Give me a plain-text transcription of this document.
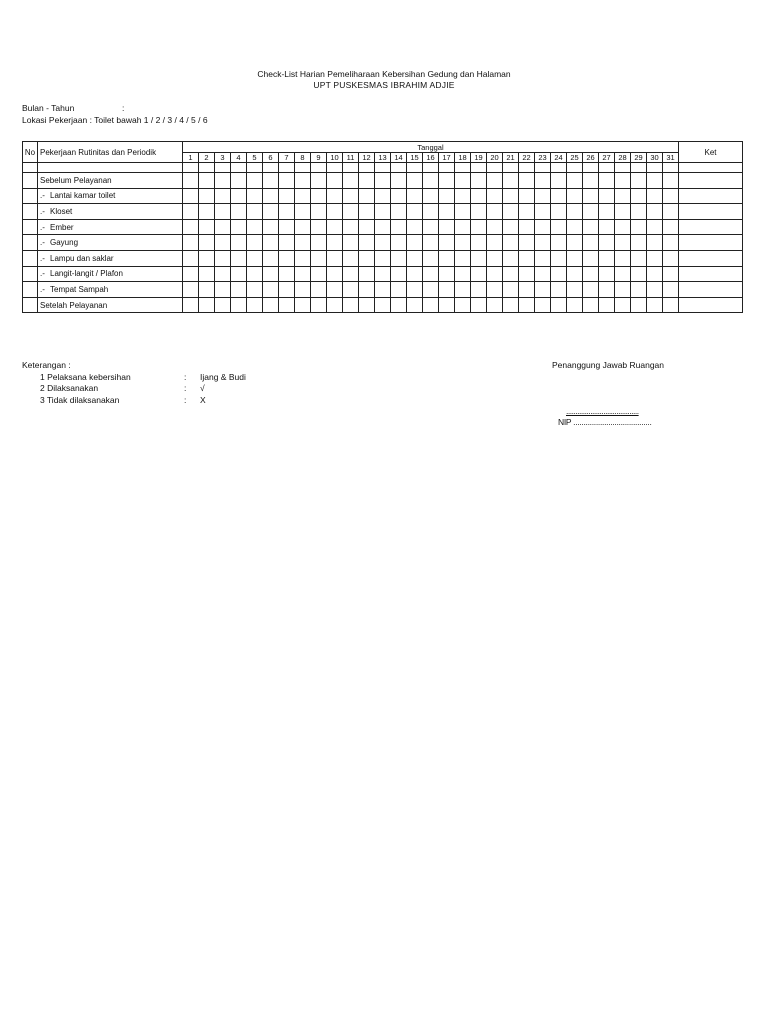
Check-List Harian Pemeliharaan Kebersihan Gedung dan Halaman
UPT PUSKESMAS IBRAHIM ADJIE
Bulan - Tahun	:
Lokasi Pekerjaan : Toilet bawah 1 / 2 / 3 / 4 / 5 / 6
No	Pekerjaan Rutinitas dan Periodik	Tanggal																															Ket
		1	2	3	4	5	6	7	8	9	10	11	12	13	14	15	16	17	18	19	20	21	22	23	24	25	26	27	28	29	30	31	

	Sebelum Pelayanan																																
	.- Lantai kamar toilet																																
	.- Kloset																																
	.- Ember																																
	.- Gayung																																
	.- Lampu dan saklar																																
	.- Langit-langit / Plafon																																
	.- Tempat Sampah																																
	Setelah Pelayanan																																
Keterangan :
1 Pelaksana kebersihan	: Ijang & Budi
2 Dilaksanakan	: √
3 Tidak dilaksanakan	: X
Penanggung Jawab Ruangan
.......................................
NIP ......................................
